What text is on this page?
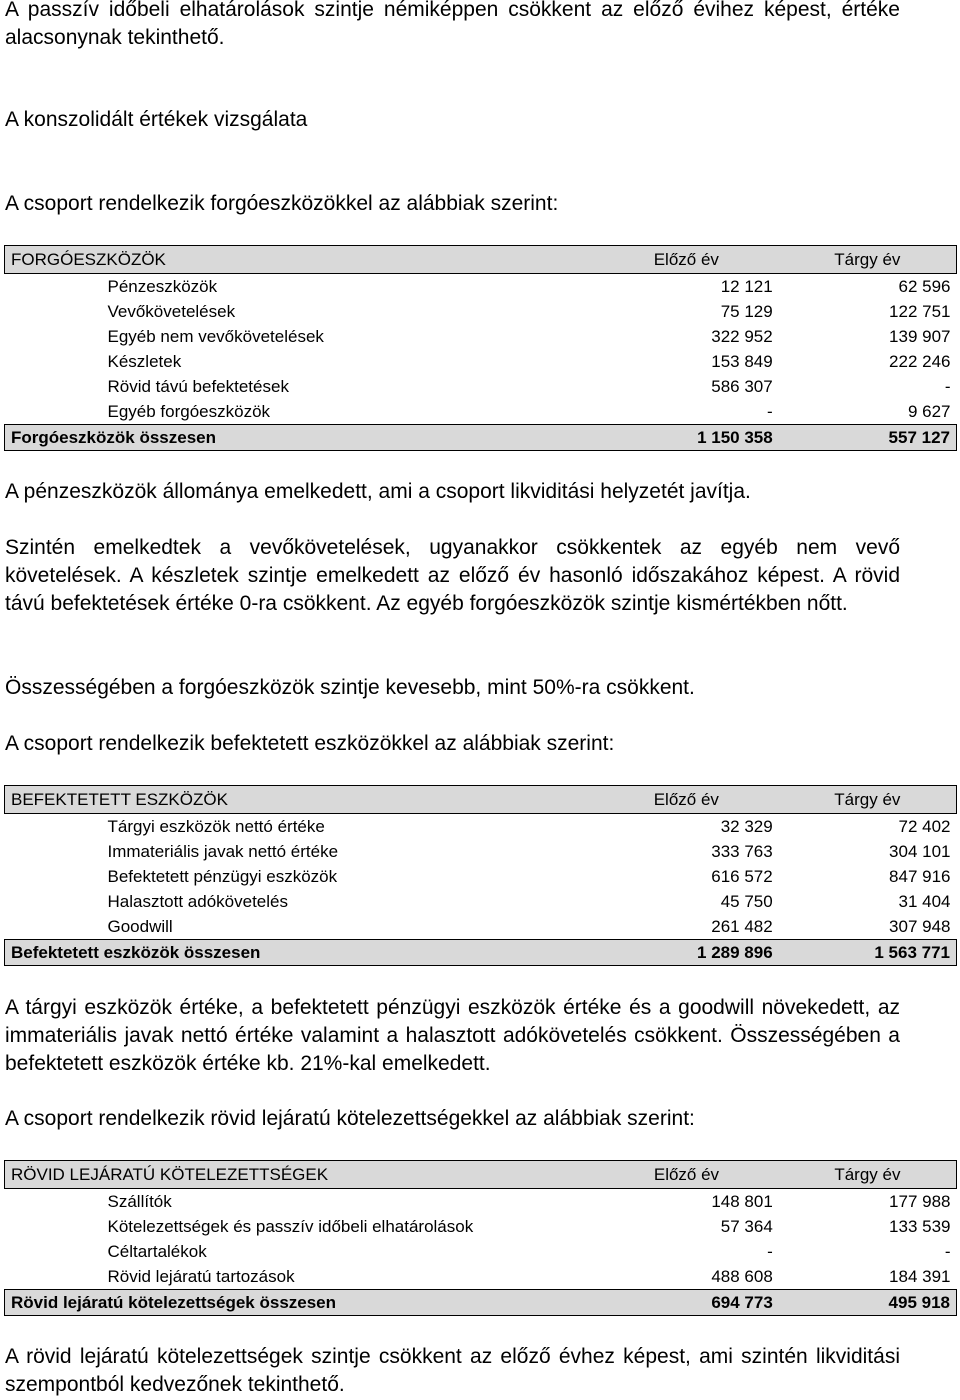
A passzív időbeli elhatárolások szintje némiképpen csökkent az előző évihez képest, értéke alacsonynak tekinthető.

A konszolidált értékek vizsgálata

A csoport rendelkezik forgóeszközökkel az alábbiak szerint:

FORGÓESZKÖZÖK	Előző év	Tárgy év
Pénzeszközök	12 121	62 596
Vevőkövetelések	75 129	122 751
Egyéb nem vevőkövetelések	322 952	139 907
Készletek	153 849	222 246
Rövid távú befektetések	586 307	-
Egyéb forgóeszközök	-	9 627
Forgóeszközök összesen	1 150 358	557 127

A pénzeszközök állománya emelkedett, ami a csoport likviditási helyzetét javítja.

Szintén emelkedtek a vevőkövetelések, ugyanakkor csökkentek az egyéb nem vevő követelések. A készletek szintje emelkedett az előző év hasonló időszakához képest. A rövid távú befektetések értéke 0-ra csökkent. Az egyéb forgóeszközök szintje kismértékben nőtt.

Összességében a forgóeszközök szintje kevesebb, mint 50%-ra csökkent.

A csoport rendelkezik befektetett eszközökkel az alábbiak szerint:

BEFEKTETETT ESZKÖZÖK	Előző év	Tárgy év
Tárgyi eszközök nettó értéke	32 329	72 402
Immateriális javak nettó értéke	333 763	304 101
Befektetett pénzügyi eszközök	616 572	847 916
Halasztott adókövetelés	45 750	31 404
Goodwill	261 482	307 948
Befektetett eszközök összesen	1 289 896	1 563 771

A tárgyi eszközök értéke, a befektetett pénzügyi eszközök értéke és a goodwill növekedett, az immateriális javak nettó értéke valamint a halasztott adókövetelés csökkent. Összességében a befektetett eszközök értéke kb. 21%-kal emelkedett.

A csoport rendelkezik rövid lejáratú kötelezettségekkel az alábbiak szerint:

RÖVID LEJÁRATÚ KÖTELEZETTSÉGEK	Előző év	Tárgy év
Szállítók	148 801	177 988
Kötelezettségek és passzív időbeli elhatárolások	57 364	133 539
Céltartalékok	-	-
Rövid lejáratú tartozások	488 608	184 391
Rövid lejáratú kötelezettségek összesen	694 773	495 918

A rövid lejáratú kötelezettségek szintje csökkent az előző évhez képest, ami szintén likviditási szempontból kedvezőnek tekinthető.
